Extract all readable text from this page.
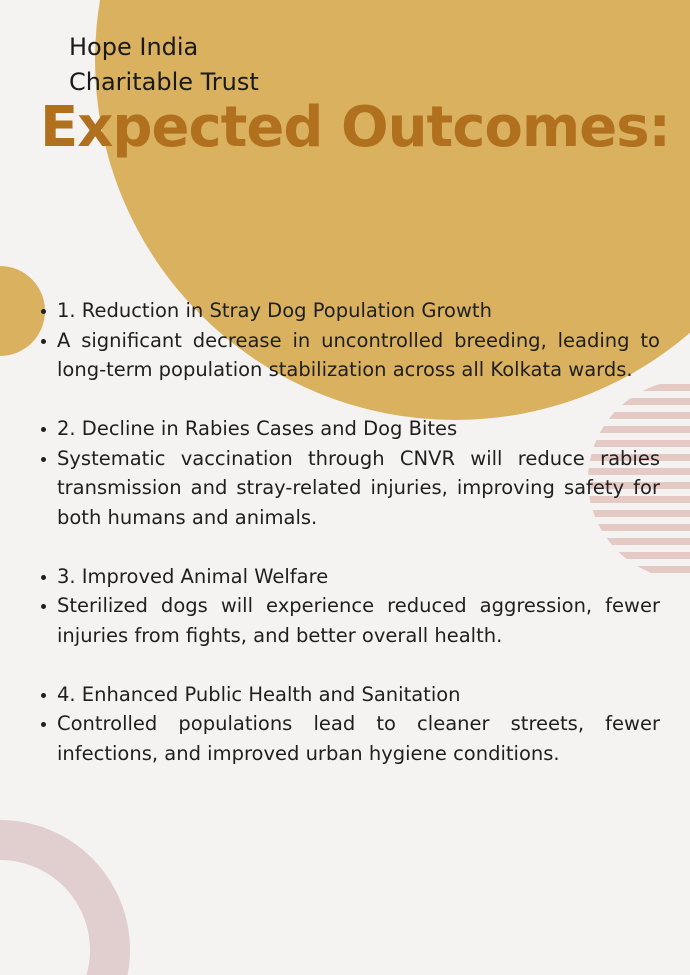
Hope India
Charitable Trust
Expected Outcomes:
1. Reduction in Stray Dog Population Growth
A significant decrease in uncontrolled breeding, leading to long-term population stabilization across all Kolkata wards.
2. Decline in Rabies Cases and Dog Bites
Systematic vaccination through CNVR will reduce rabies transmission and stray-related injuries, improving safety for both humans and animals.
3. Improved Animal Welfare
Sterilized dogs will experience reduced aggression, fewer injuries from fights, and better overall health.
4. Enhanced Public Health and Sanitation
Controlled populations lead to cleaner streets, fewer infections, and improved urban hygiene conditions.
